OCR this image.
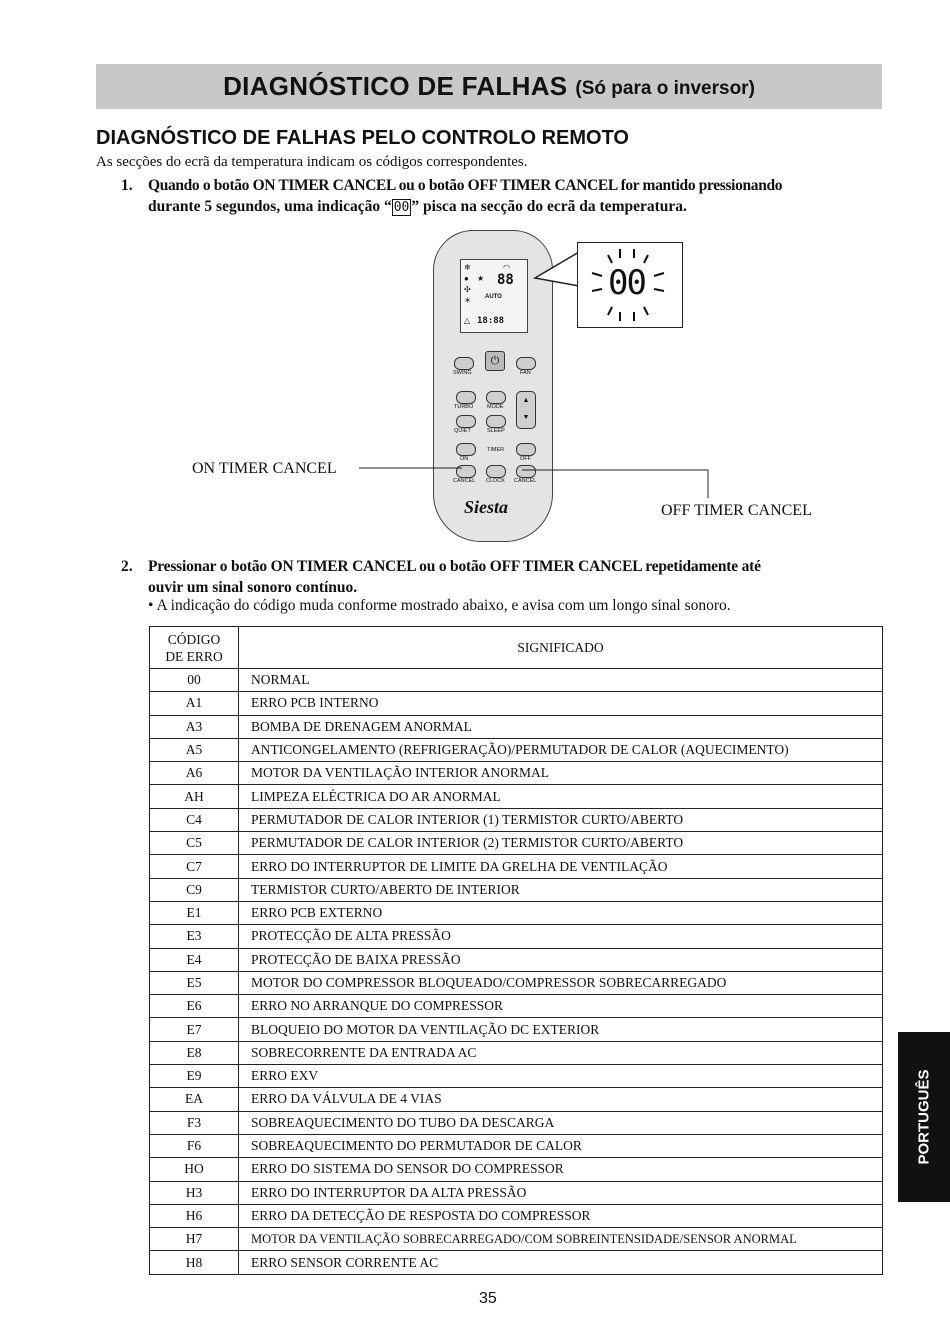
DIAGNÓSTICO DE FALHAS (Só para o inversor)
DIAGNÓSTICO DE FALHAS PELO CONTROLO REMOTO
As secções do ecrã da temperatura indicam os códigos correspondentes.
1. Quando o botão ON TIMER CANCEL ou o botão OFF TIMER CANCEL for mantido pressionando
durante 5 segundos, uma indicação “ 00 ” pisca na secção do ecrã da temperatura.
❄
●
✣
☀
△
★
◠
88
AUTO
18:88
⏻
SWING	FAN
TURBO	MODE
▲
▼
QUIET	SLEEP
ON
TIMER
OFF
CANCEL CLOCK CANCEL
Siesta
00
ON TIMER CANCEL
OFF TIMER CANCEL
2. Pressionar o botão ON TIMER CANCEL ou o botão OFF TIMER CANCEL repetidamente até
ouvir um sinal sonoro contínuo.
• A indicação do código muda conforme mostrado abaixo, e avisa com um longo sinal sonoro.
CÓDIGO
DE ERRO	SIGNIFICADO
00	NORMAL
A1	ERRO PCB INTERNO
A3	BOMBA DE DRENAGEM ANORMAL
A5	ANTICONGELAMENTO (REFRIGERAÇÃO)/PERMUTADOR DE CALOR (AQUECIMENTO)
A6	MOTOR DA VENTILAÇÃO INTERIOR ANORMAL
AH	LIMPEZA ELÉCTRICA DO AR ANORMAL
C4	PERMUTADOR DE CALOR INTERIOR (1) TERMISTOR CURTO/ABERTO
C5	PERMUTADOR DE CALOR INTERIOR (2) TERMISTOR CURTO/ABERTO
C7	ERRO DO INTERRUPTOR DE LIMITE DA GRELHA DE VENTILAÇÃO
C9	TERMISTOR CURTO/ABERTO DE INTERIOR
E1	ERRO PCB EXTERNO
E3	PROTECÇÃO DE ALTA PRESSÃO
E4	PROTECÇÃO DE BAIXA PRESSÃO
E5	MOTOR DO COMPRESSOR BLOQUEADO/COMPRESSOR SOBRECARREGADO
E6	ERRO NO ARRANQUE DO COMPRESSOR
E7	BLOQUEIO DO MOTOR DA VENTILAÇÃO DC EXTERIOR
E8	SOBRECORRENTE DA ENTRADA AC
E9	ERRO EXV
EA	ERRO DA VÁLVULA DE 4 VIAS
F3	SOBREAQUECIMENTO DO TUBO DA DESCARGA
F6	SOBREAQUECIMENTO DO PERMUTADOR DE CALOR
HO	ERRO DO SISTEMA DO SENSOR DO COMPRESSOR
H3	ERRO DO INTERRUPTOR DA ALTA PRESSÃO
H6	ERRO DA DETECÇÃO DE RESPOSTA DO COMPRESSOR
H7	MOTOR DA VENTILAÇÃO SOBRECARREGADO/COM SOBREINTENSIDADE/SENSOR ANORMAL
H8	ERRO SENSOR CORRENTE AC
PORTUGUÊS
35
